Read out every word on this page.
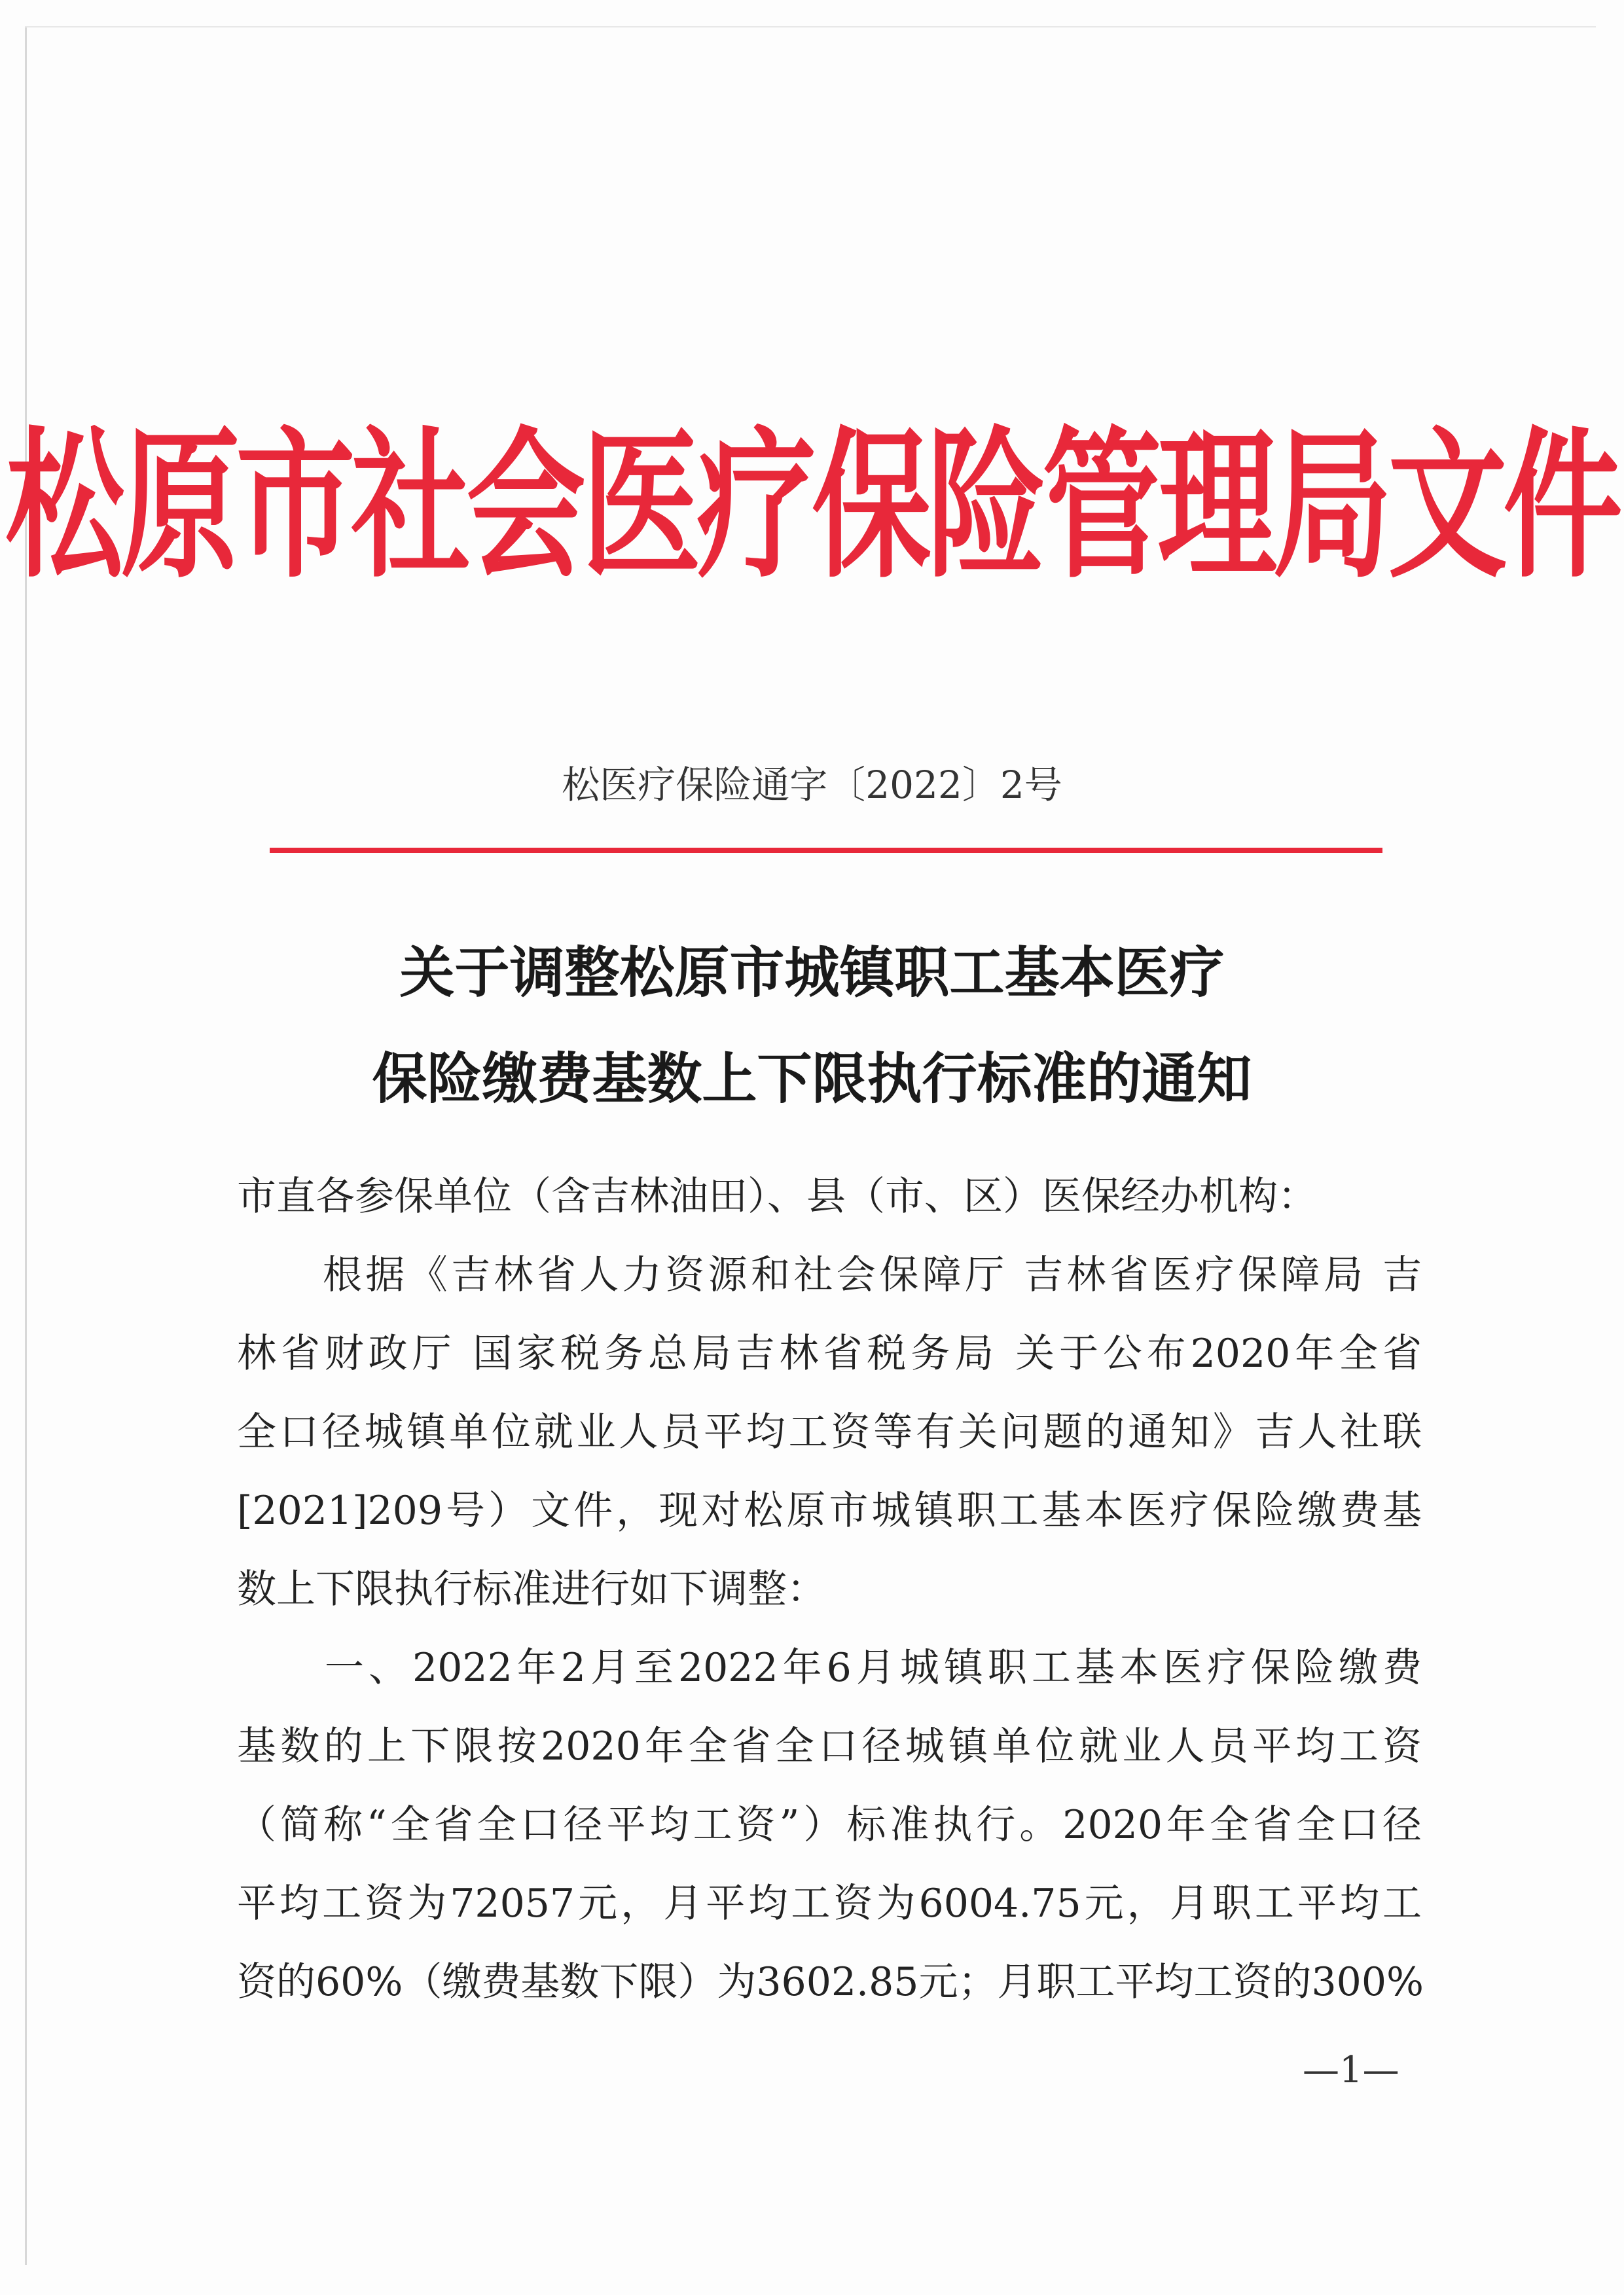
松原市社会医疗保险管理局文件
松医疗保险通字〔2022〕2号
关于调整松原市城镇职工基本医疗
保险缴费基数上下限执行标准的通知
市直各参保单位（含吉林油田）、县（市、区）医保经办机构：
　　根据《吉林省人力资源和社会保障厅 吉林省医疗保障局 吉
林省财政厅 国家税务总局吉林省税务局 关于公布2020年全省
全口径城镇单位就业人员平均工资等有关问题的通知》吉人社联
[2021]209号）文件，现对松原市城镇职工基本医疗保险缴费基
数上下限执行标准进行如下调整：
　　一、2022年2月至2022年6月城镇职工基本医疗保险缴费
基数的上下限按2020年全省全口径城镇单位就业人员平均工资
（简称“全省全口径平均工资”）标准执行。2020年全省全口径
平均工资为72057元，月平均工资为6004.75元，月职工平均工
资的60%（缴费基数下限）为3602.85元；月职工平均工资的300%
—1—
